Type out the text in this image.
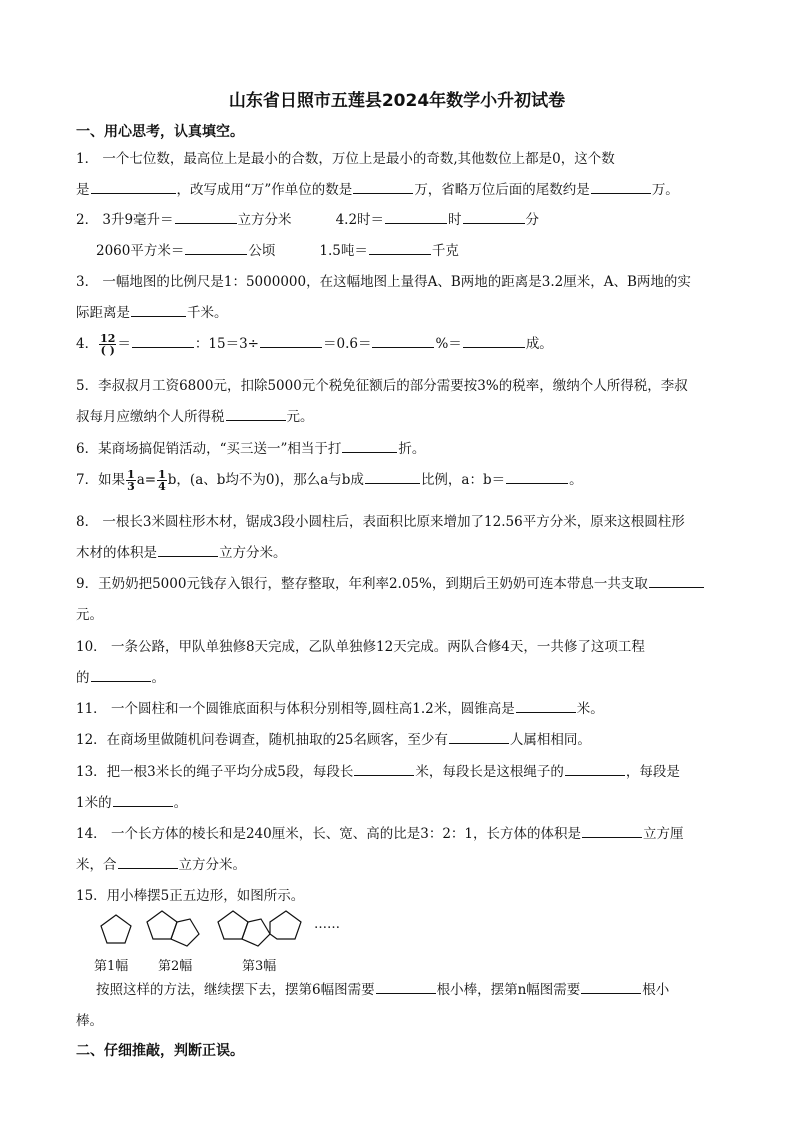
山东省日照市五莲县2024年数学小升初试卷
一、用心思考，认真填空。
1． 一个七位数，最高位上是最小的合数，万位上是最小的奇数,其他数位上都是0，这个数
是	，改写成用“万”作单位的数是	万，省略万位后面的尾数约是	万。
2． 3升9毫升＝	立方分米	4.2时＝	时	分
2060平方米＝	公顷	1.5吨＝	千克
3． 一幅地图的比例尺是1：5000000，在这幅地图上量得A、B两地的距离是3.2厘米，A、B两地的实
际距离是	千米。
4． $\frac{12}{( )}$ ＝	：15＝3÷	＝0.6＝	%＝	成。
5．李叔叔月工资6800元，扣除5000元个税免征额后的部分需要按3%的税率，缴纳个人所得税，李叔
叔每月应缴纳个人所得税	元。
6．某商场搞促销活动，“买三送一”相当于打	折。
7．如果 $\frac{1}{3} a= \frac{1}{4}$ b，(a、b均不为0)，那么a与b成	比例，a：b＝	。
8． 一根长3米圆柱形木材，锯成3段小圆柱后，表面积比原来增加了12.56平方分米，原来这根圆柱形
木材的体积是	立方分米。
9．王奶奶把5000元钱存入银行，整存整取，年利率2.05%，到期后王奶奶可连本带息一共支取
元。
10． 一条公路，甲队单独修8天完成，乙队单独修12天完成。两队合修4天，一共修了这项工程
的	。
11． 一个圆柱和一个圆锥底面积与体积分别相等,圆柱高1.2米，圆锥高是	米。
12．在商场里做随机问卷调查，随机抽取的25名顾客，至少有	人属相相同。
13．把一根3米长的绳子平均分成5段，每段长	米，每段长是这根绳子的	，每段是
1米的	。
14． 一个长方体的棱长和是240厘米，长、宽、高的比是3：2：1，长方体的体积是	立方厘
米，合	立方分米。
15．用小棒摆5正五边形，如图所示。
……
第1幅 第2幅	第3幅
按照这样的方法，继续摆下去，摆第6幅图需要	根小棒，摆第n幅图需要	根小
棒。
二、仔细推敲，判断正误。
